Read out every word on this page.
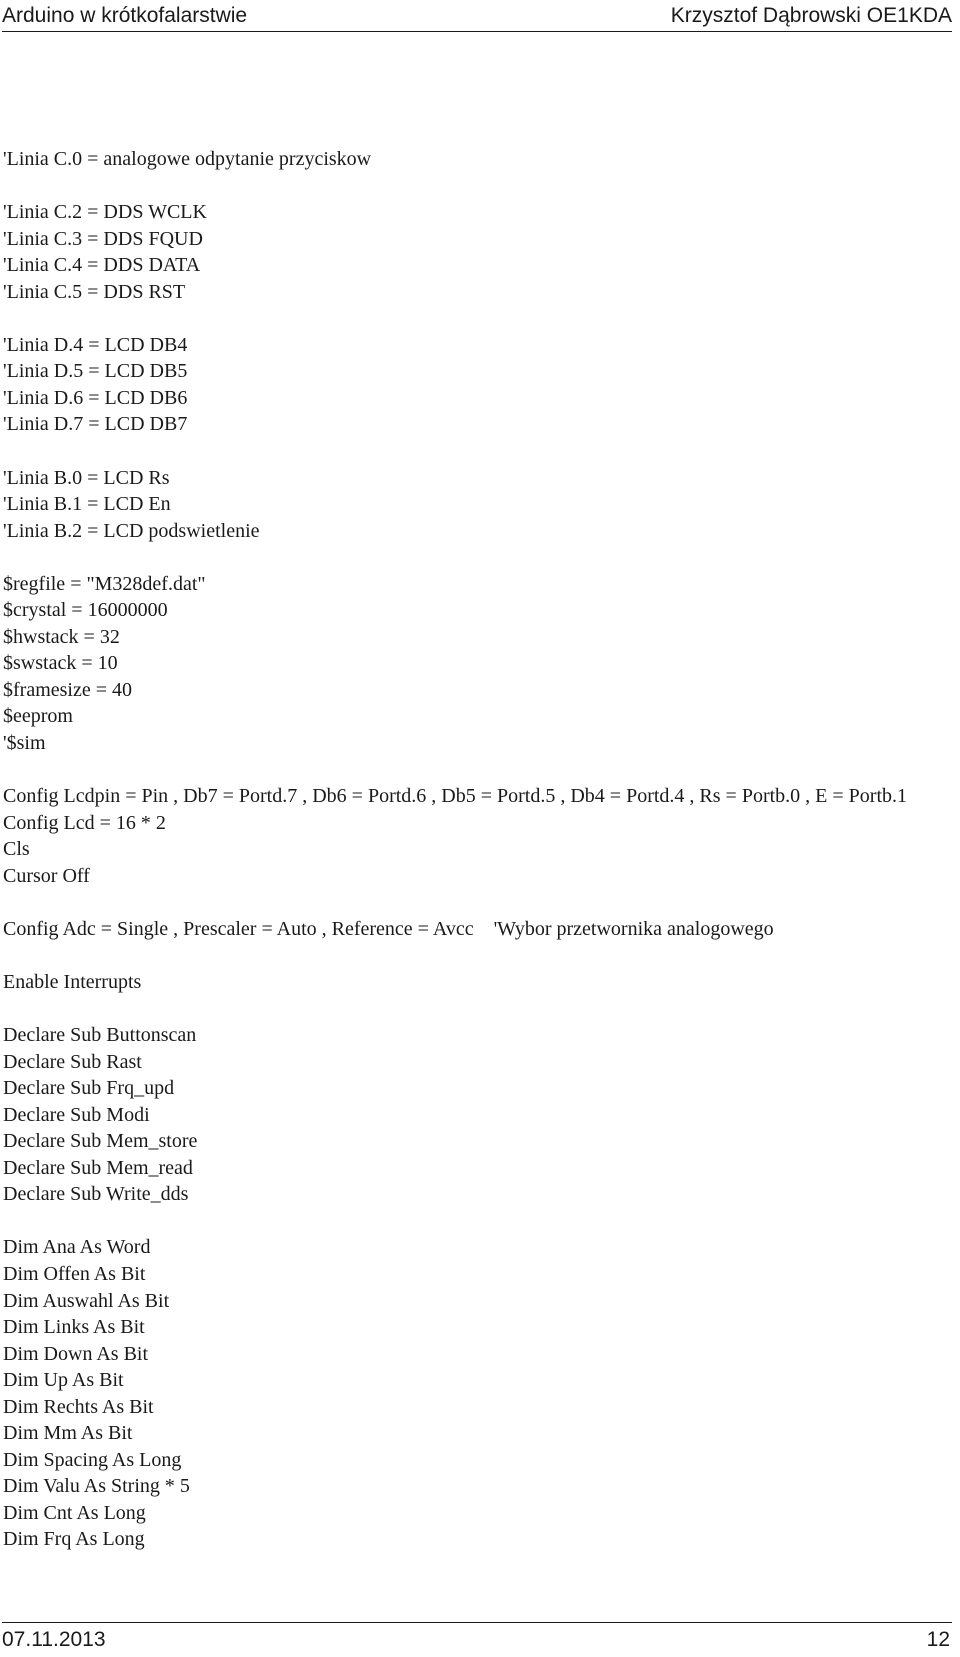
Arduino w krótkofalarstwie	Krzysztof Dąbrowski OE1KDA
'Linia C.0 = analogowe odpytanie przyciskow
'Linia C.2 = DDS WCLK
'Linia C.3 = DDS FQUD
'Linia C.4 = DDS DATA
'Linia C.5 = DDS RST
'Linia D.4 = LCD DB4
'Linia D.5 = LCD DB5
'Linia D.6 = LCD DB6
'Linia D.7 = LCD DB7
'Linia B.0 = LCD Rs
'Linia B.1 = LCD En
'Linia B.2 = LCD podswietlenie
$regfile = "M328def.dat"
$crystal = 16000000
$hwstack = 32
$swstack = 10
$framesize = 40
$eeprom
'$sim
Config Lcdpin = Pin , Db7 = Portd.7 , Db6 = Portd.6 , Db5 = Portd.5 , Db4 = Portd.4 , Rs = Portb.0 , E = Portb.1
Config Lcd = 16 * 2
Cls
Cursor Off
Config Adc = Single , Prescaler = Auto , Reference = Avcc    'Wybor przetwornika analogowego
Enable Interrupts
Declare Sub Buttonscan
Declare Sub Rast
Declare Sub Frq_upd
Declare Sub Modi
Declare Sub Mem_store
Declare Sub Mem_read
Declare Sub Write_dds
Dim Ana As Word
Dim Offen As Bit
Dim Auswahl As Bit
Dim Links As Bit
Dim Down As Bit
Dim Up As Bit
Dim Rechts As Bit
Dim Mm As Bit
Dim Spacing As Long
Dim Valu As String * 5
Dim Cnt As Long
Dim Frq As Long
07.11.2013	12
